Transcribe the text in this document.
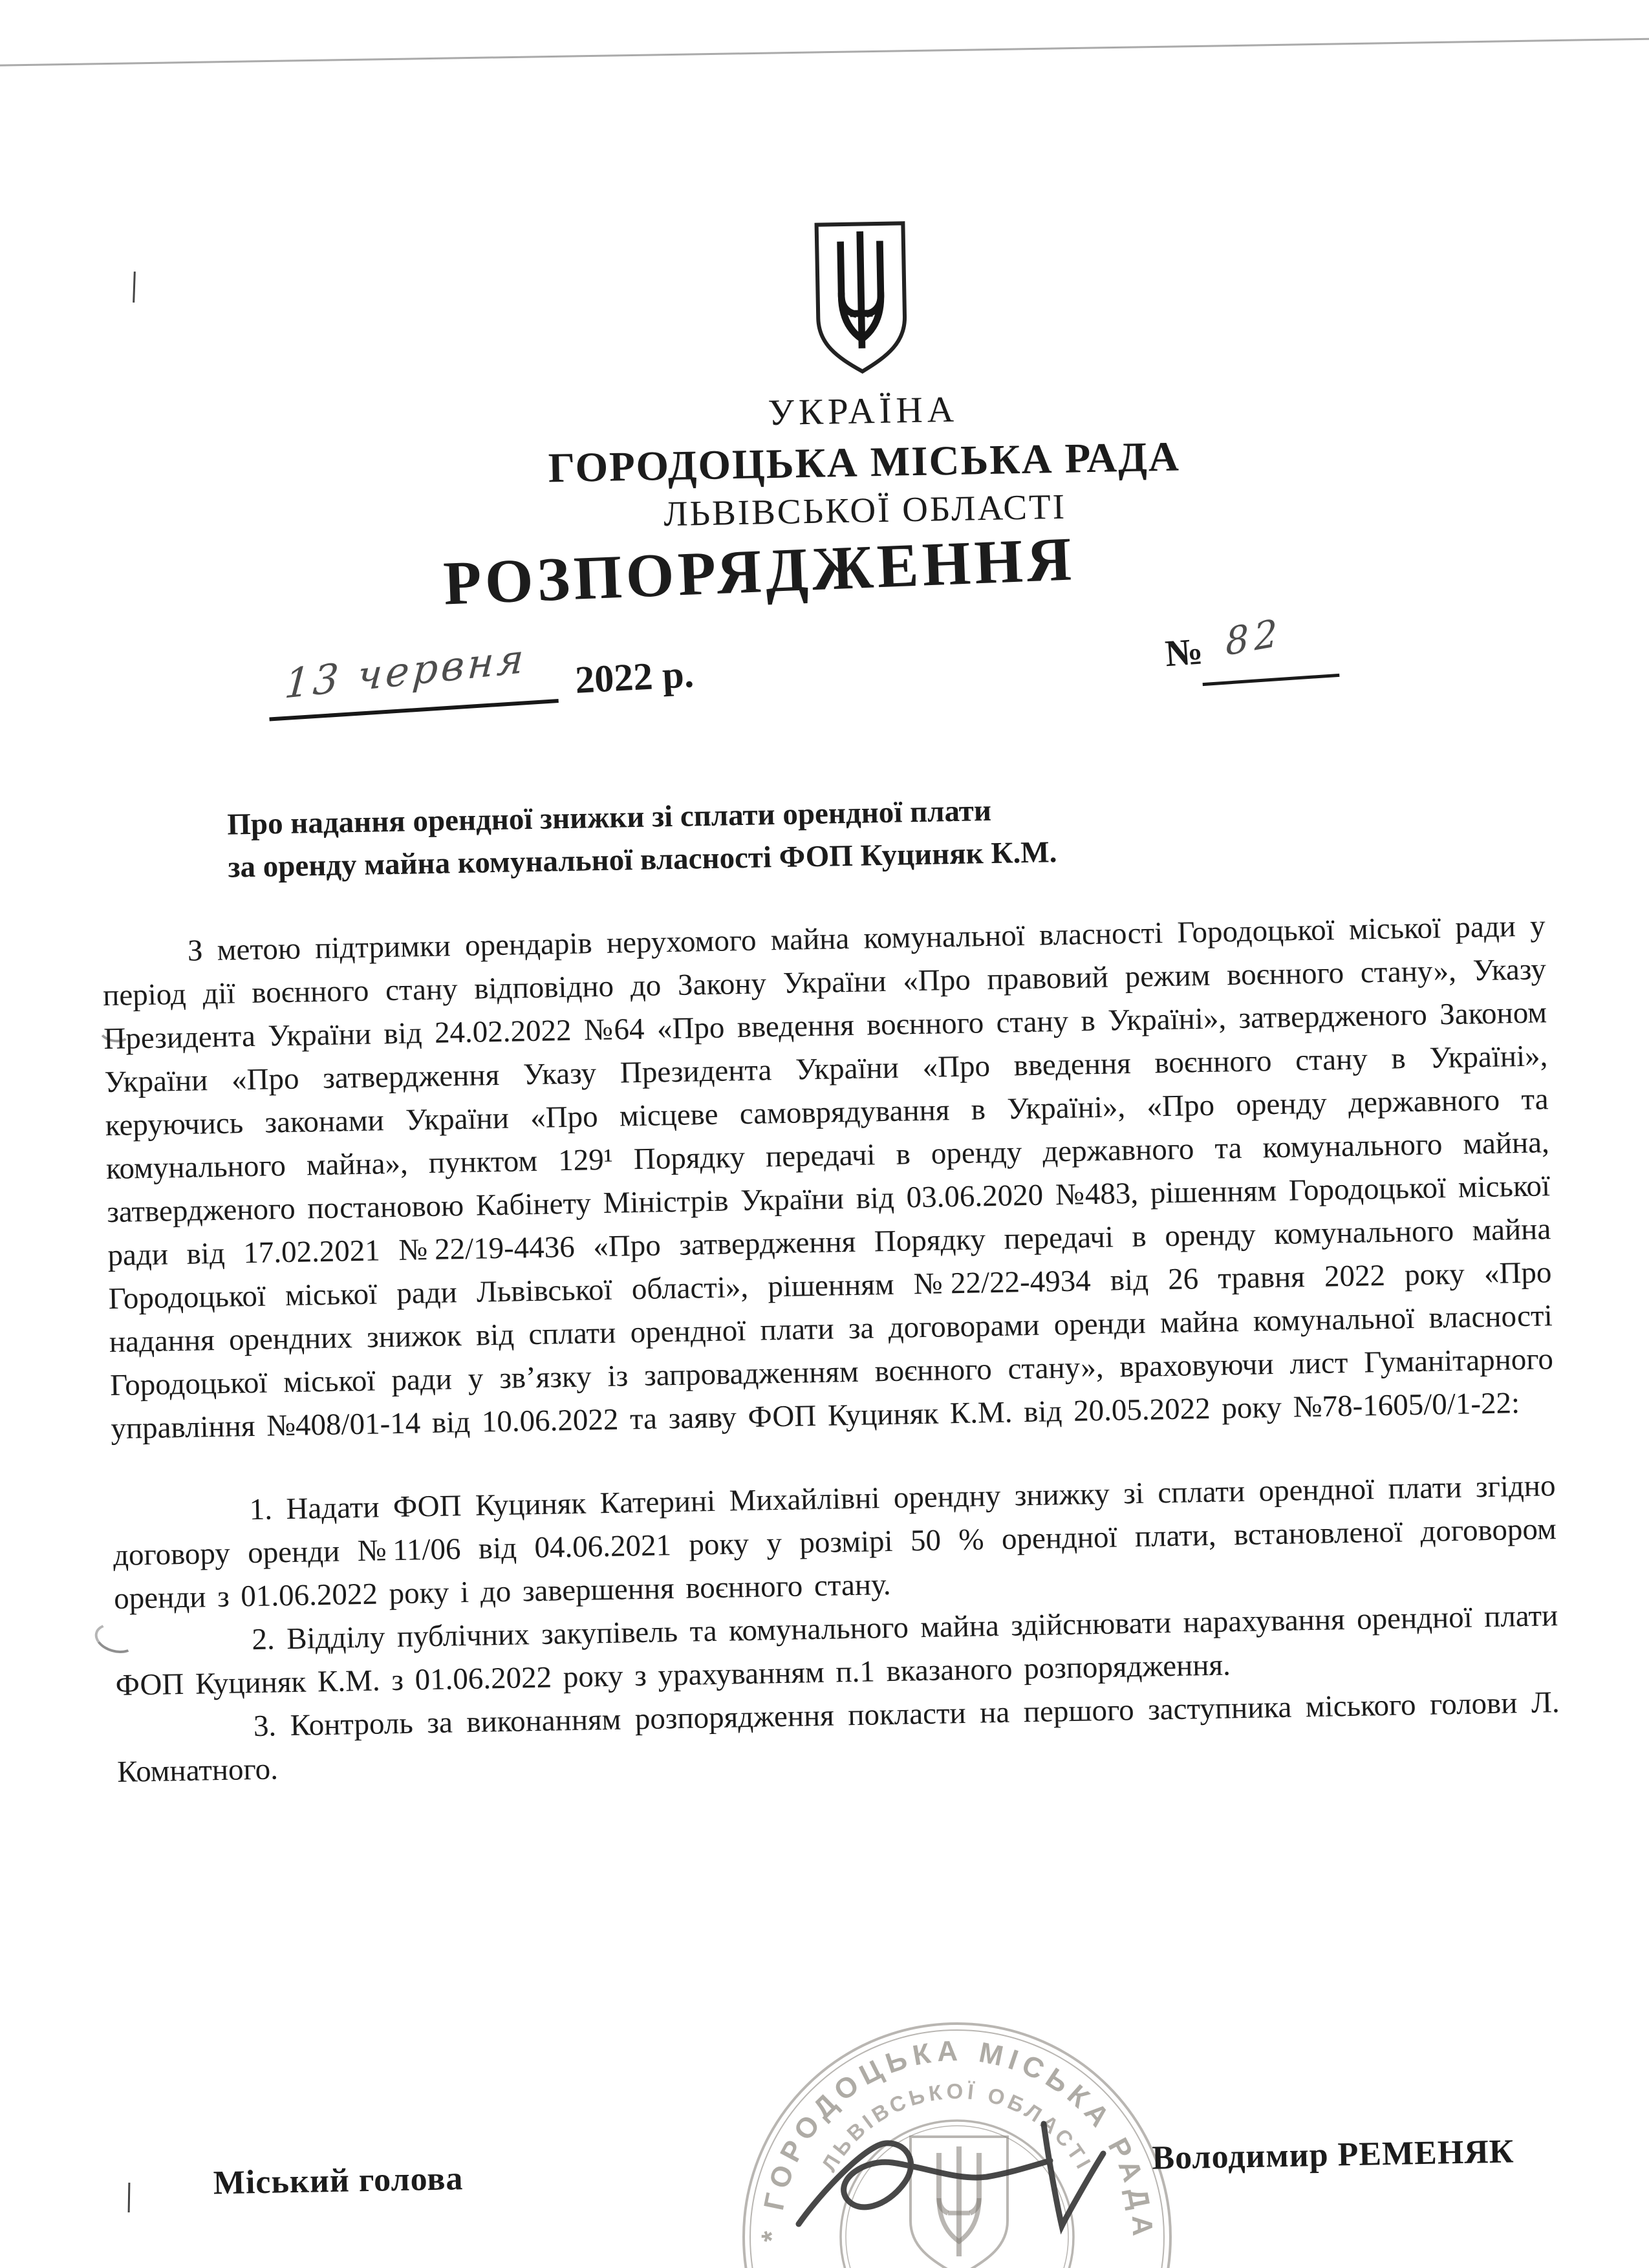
* ГОРОДОЦЬКА МІСЬКА РАДА
ЛЬВІВСЬКОЇ ОБЛАСТІ
УКРАЇНА
ГОРОДОЦЬКА МІСЬКА РАДА
ЛЬВІВСЬКОЇ ОБЛАСТІ
РОЗПОРЯДЖЕННЯ
13 червня 2022 р.
№ 82
Про надання орендної знижки зі сплати орендної плати
за оренду майна комунальної власності ФОП Куциняк К.М.

З метою підтримки орендарів нерухомого майна комунальної власності Городоцької міської ради у період дії воєнного стану відповідно до Закону України «Про правовий режим воєнного стану», Указу Президента України від 24.02.2022 №64 «Про введення воєнного стану в Україні», затвердженого Законом України «Про затвердження Указу Президента України «Про введення воєнного стану в Україні», керуючись законами України «Про місцеве самоврядування в Україні», «Про оренду державного та комунального майна», пунктом 129¹ Порядку передачі в оренду державного та комунального майна, затвердженого постановою Кабінету Міністрів України від 03.06.2020 №483, рішенням Городоцької міської ради від 17.02.2021 №22/19-4436 «Про затвердження Порядку передачі в оренду комунального майна Городоцької міської ради Львівської області», рішенням №22/22-4934 від 26 травня 2022 року «Про надання орендних знижок від сплати орендної плати за договорами оренди майна комунальної власності Городоцької міської ради у зв’язку із запровадженням воєнного стану», враховуючи лист Гуманітарного управління №408/01-14 від 10.06.2022 та заяву ФОП Куциняк К.М. від 20.05.2022 року №78-1605/0/1-22:

1. Надати ФОП Куциняк Катерині Михайлівні орендну знижку зі сплати орендної плати згідно договору оренди №11/06 від 04.06.2021 року у розмірі 50 % орендної плати, встановленої договором оренди з 01.06.2022 року і до завершення воєнного стану.

2. Відділу публічних закупівель та комунального майна здійснювати нарахування орендної плати ФОП Куциняк К.М. з 01.06.2022 року з урахуванням п.1 вказаного розпорядження.

3. Контроль за виконанням розпорядження покласти на першого заступника міського голови Л. Комнатного.

Міський голова
Володимир РЕМЕНЯК
